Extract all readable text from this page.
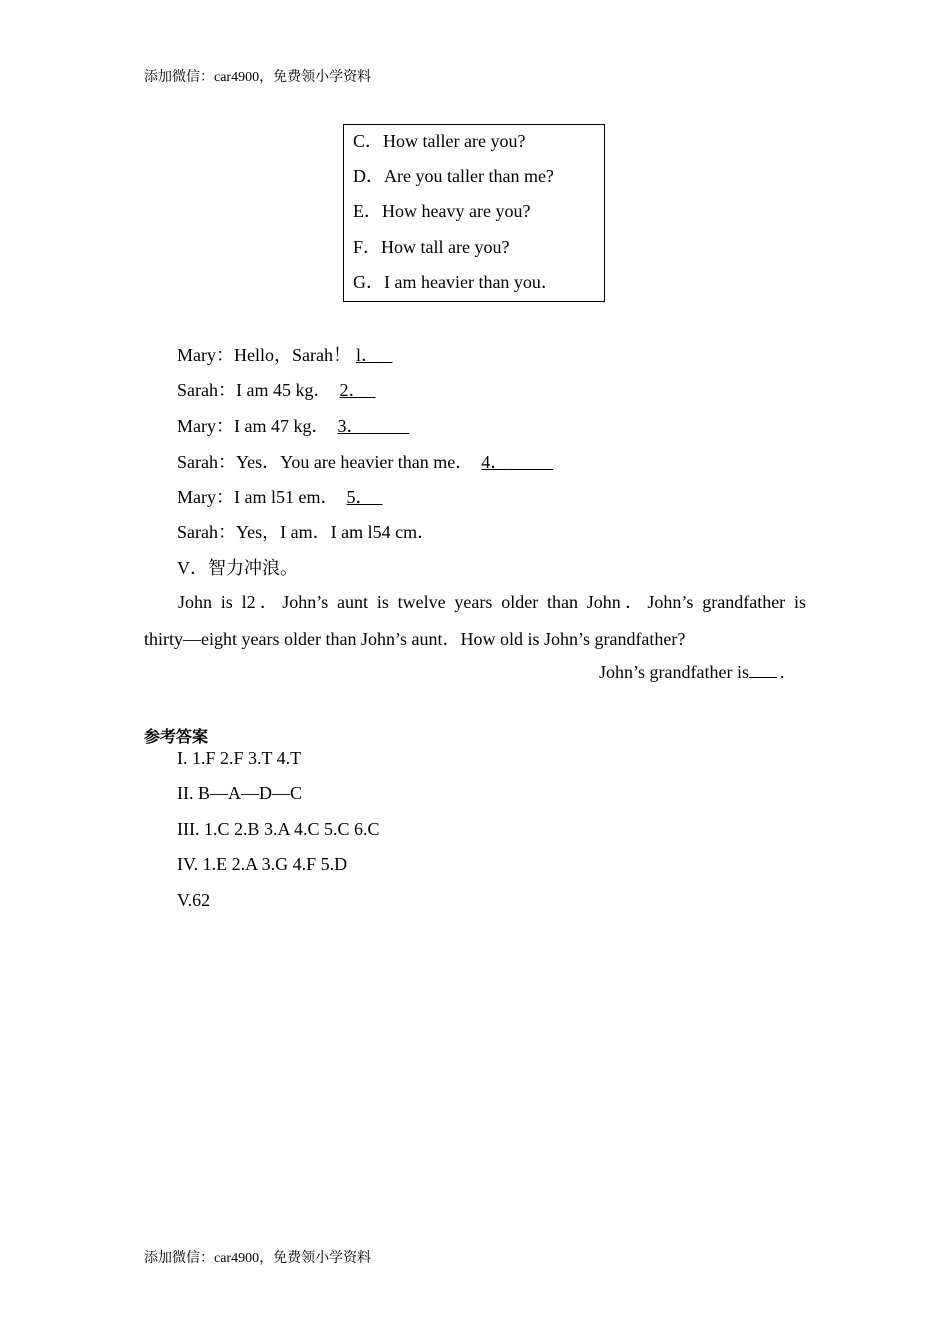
添加微信：car4900，免费领小学资料
C．How taller are you?
D．Are you taller than me?
E．How heavy are you?
F．How tall are you?
G．I am heavier than you．
Mary：Hello，Sarah！ l．
Sarah：I am 45 kg． 2．
Mary：I am 47 kg． 3．
Sarah：Yes．You are heavier than me． 4．
Mary：I am l51 em． 5．
Sarah：Yes，I am．I am l54 cm．
V．智力冲浪。
John is l2．John’s aunt is twelve years older than John．John’s grandfather is
thirty—eight years older than John’s aunt．How old is John’s grandfather?
John’s grandfather is .
参考答案
I. 1.F 2.F 3.T 4.T
II. B—A—D—C
III. 1.C 2.B 3.A 4.C 5.C 6.C
IV. 1.E 2.A 3.G 4.F 5.D
V.62
添加微信：car4900，免费领小学资料
